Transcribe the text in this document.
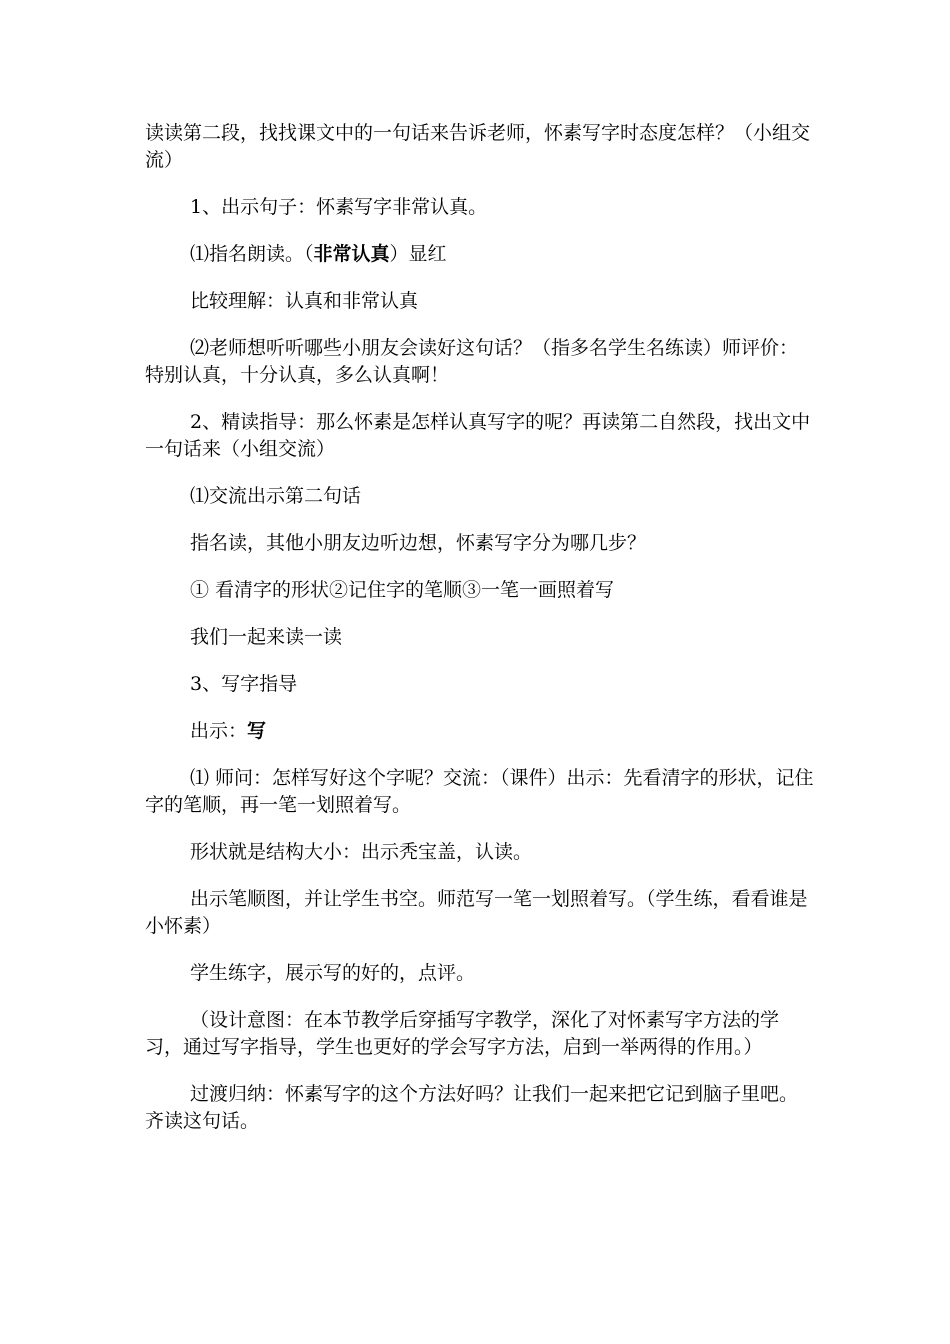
读读第二段，找找课文中的一句话来告诉老师，怀素写字时态度怎样？（小组交流）

1、出示句子：怀素写字非常认真。

⑴指名朗读。（非常认真）显红

比较理解：认真和非常认真

⑵老师想听听哪些小朋友会读好这句话？（指多名学生名练读）师评价：特别认真，十分认真，多么认真啊！

2、精读指导：那么怀素是怎样认真写字的呢？再读第二自然段，找出文中一句话来（小组交流）

⑴交流出示第二句话

指名读，其他小朋友边听边想，怀素写字分为哪几步？

① 看清字的形状②记住字的笔顺③一笔一画照着写

我们一起来读一读

3、写字指导

出示：写

⑴ 师问：怎样写好这个字呢？交流：（课件）出示：先看清字的形状，记住字的笔顺，再一笔一划照着写。

形状就是结构大小：出示秃宝盖，认读。

出示笔顺图，并让学生书空。师范写一笔一划照着写。（学生练，看看谁是小怀素）

学生练字，展示写的好的，点评。

（设计意图：在本节教学后穿插写字教学，深化了对怀素写字方法的学习，通过写字指导，学生也更好的学会写字方法，启到一举两得的作用。）

过渡归纳：怀素写字的这个方法好吗？让我们一起来把它记到脑子里吧。齐读这句话。
